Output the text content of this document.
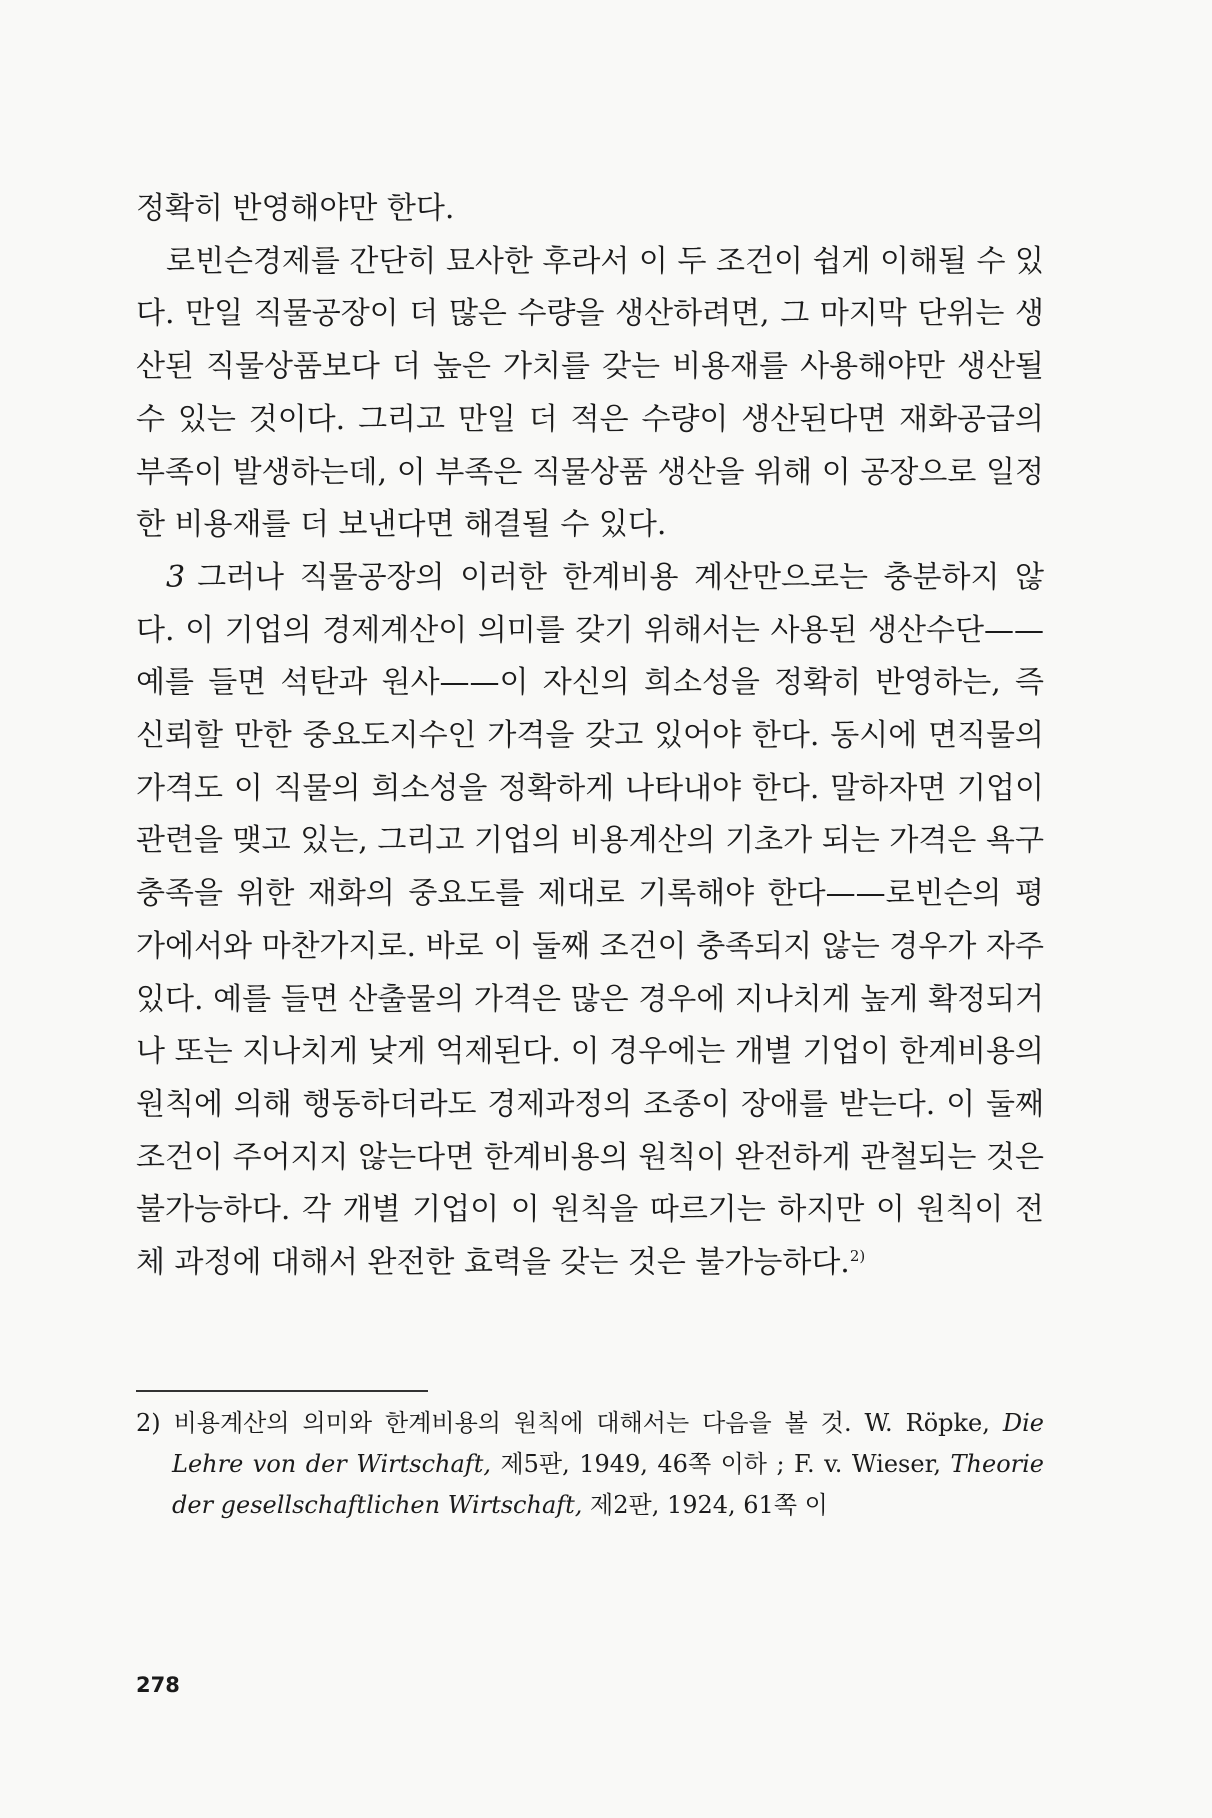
정확히 반영해야만 한다.

로빈슨경제를 간단히 묘사한 후라서 이 두 조건이 쉽게 이해될 수 있다. 만일 직물공장이 더 많은 수량을 생산하려면, 그 마지막 단위는 생산된 직물상품보다 더 높은 가치를 갖는 비용재를 사용해야만 생산될 수 있는 것이다. 그리고 만일 더 적은 수량이 생산된다면 재화공급의 부족이 발생하는데, 이 부족은 직물상품 생산을 위해 이 공장으로 일정한 비용재를 더 보낸다면 해결될 수 있다.

3 그러나 직물공장의 이러한 한계비용 계산만으로는 충분하지 않다. 이 기업의 경제계산이 의미를 갖기 위해서는 사용된 생산수단——예를 들면 석탄과 원사——이 자신의 희소성을 정확히 반영하는, 즉 신뢰할 만한 중요도지수인 가격을 갖고 있어야 한다. 동시에 면직물의 가격도 이 직물의 희소성을 정확하게 나타내야 한다. 말하자면 기업이 관련을 맺고 있는, 그리고 기업의 비용계산의 기초가 되는 가격은 욕구충족을 위한 재화의 중요도를 제대로 기록해야 한다——로빈슨의 평가에서와 마찬가지로. 바로 이 둘째 조건이 충족되지 않는 경우가 자주 있다. 예를 들면 산출물의 가격은 많은 경우에 지나치게 높게 확정되거나 또는 지나치게 낮게 억제된다. 이 경우에는 개별 기업이 한계비용의 원칙에 의해 행동하더라도 경제과정의 조종이 장애를 받는다. 이 둘째 조건이 주어지지 않는다면 한계비용의 원칙이 완전하게 관철되는 것은 불가능하다. 각 개별 기업이 이 원칙을 따르기는 하지만 이 원칙이 전체 과정에 대해서 완전한 효력을 갖는 것은 불가능하다.$^{2)}$

2) 비용계산의 의미와 한계비용의 원칙에 대해서는 다음을 볼 것. W. Röpke, Die Lehre von der Wirtschaft, 제5판, 1949, 46쪽 이하 ; F. v. Wieser, Theorie der gesellschaftlichen Wirtschaft, 제2판, 1924, 61쪽 이

278
